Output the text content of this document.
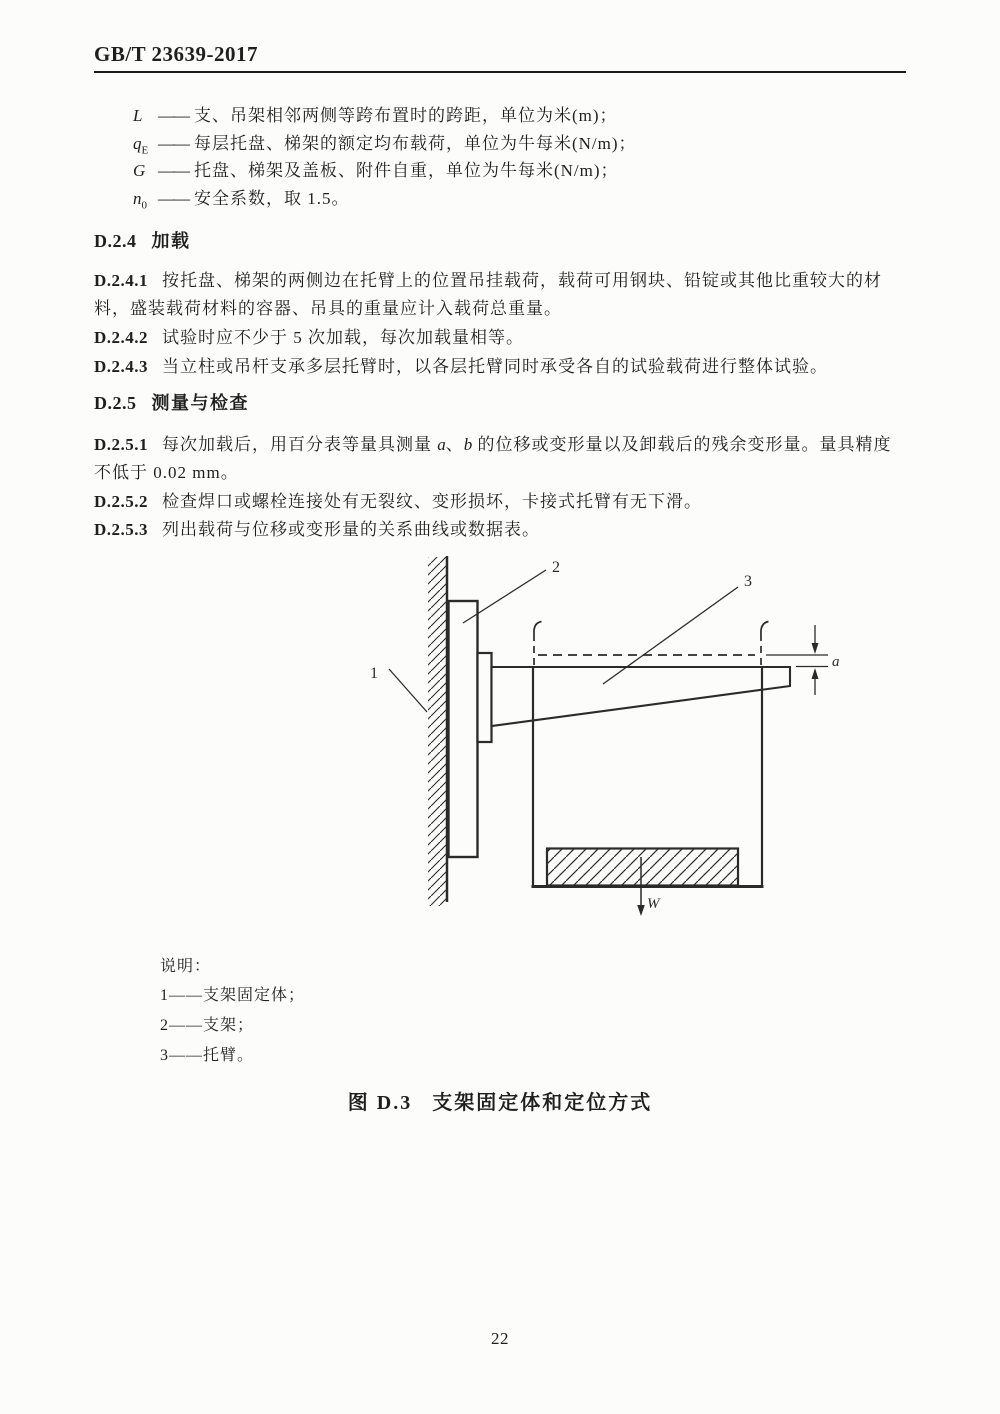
GB/T 23639-2017
L —— 支、吊架相邻两侧等跨布置时的跨距，单位为米(m)；
$q_E$ —— 每层托盘、梯架的额定均布载荷，单位为牛每米(N/m)；
G —— 托盘、梯架及盖板、附件自重，单位为牛每米(N/m)；
$n_0$ —— 安全系数，取 1.5。
D.2.4 加载
D.2.4.1 按托盘、梯架的两侧边在托臂上的位置吊挂载荷，载荷可用钢块、铅锭或其他比重较大的材
料，盛装载荷材料的容器、吊具的重量应计入载荷总重量。
D.2.4.2 试验时应不少于 5 次加载，每次加载量相等。
D.2.4.3 当立柱或吊杆支承多层托臂时，以各层托臂同时承受各自的试验载荷进行整体试验。
D.2.5 测量与检查
D.2.5.1 每次加载后，用百分表等量具测量 a、b 的位移或变形量以及卸载后的残余变形量。量具精度
不低于 0.02 mm。
D.2.5.2 检查焊口或螺栓连接处有无裂纹、变形损坏，卡接式托臂有无下滑。
D.2.5.3 列出载荷与位移或变形量的关系曲线或数据表。
W
a
1
2
3
说明：
1——支架固定体；
2——支架；
3——托臂。
图 D.3 支架固定体和定位方式
22
